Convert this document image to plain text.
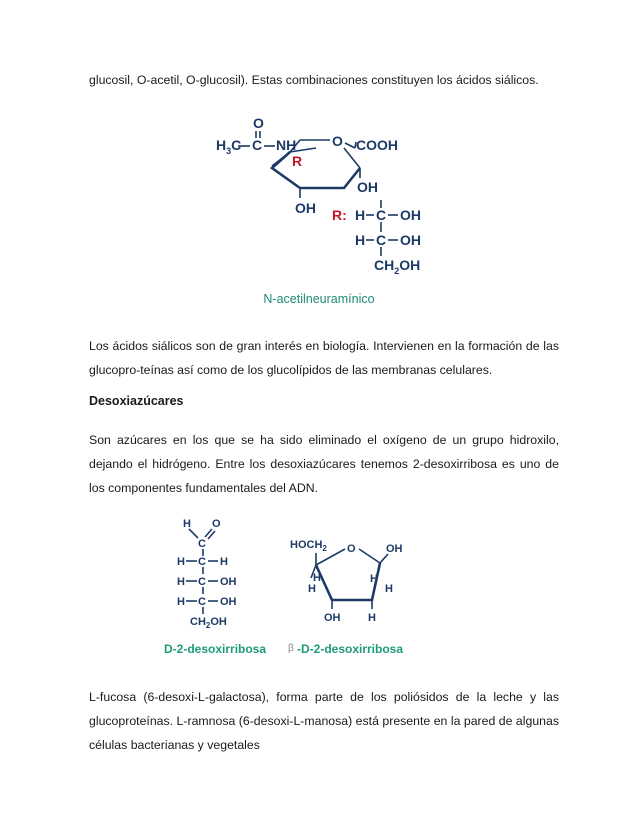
glucosil, O-acetil, O-glucosil). Estas combinaciones constituyen los ácidos siálicos.

O
$H_3C$ C NH	O COOH
OH
OH
R
R: H C OH
H C OH
$CH_2OH$
N-acetilneuramínico

Los ácidos siálicos son de gran interés en biología. Intervienen en la formación de las glucopro-teínas así como de los glucolípidos de las membranas celulares.

Desoxiazúcares

Son azúcares en los que se ha sido eliminado el oxígeno de un grupo hidroxilo, dejando el hidrógeno. Entre los desoxiazúcares tenemos 2-desoxirribosa es uno de los componentes fundamentales del ADN.

H O
C
H C H
H C OH
H C OH
$CH_2OH$
$HOCH_2$ O	OH
H
H
H
H
OH	H
D-2-desoxirribosa β -D-2-desoxirribosa

L-fucosa (6-desoxi-L-galactosa), forma parte de los poliósidos de la leche y las glucoproteínas. L-ramnosa (6-desoxi-L-manosa) está presente en la pared de algunas células bacterianas y vegetales
